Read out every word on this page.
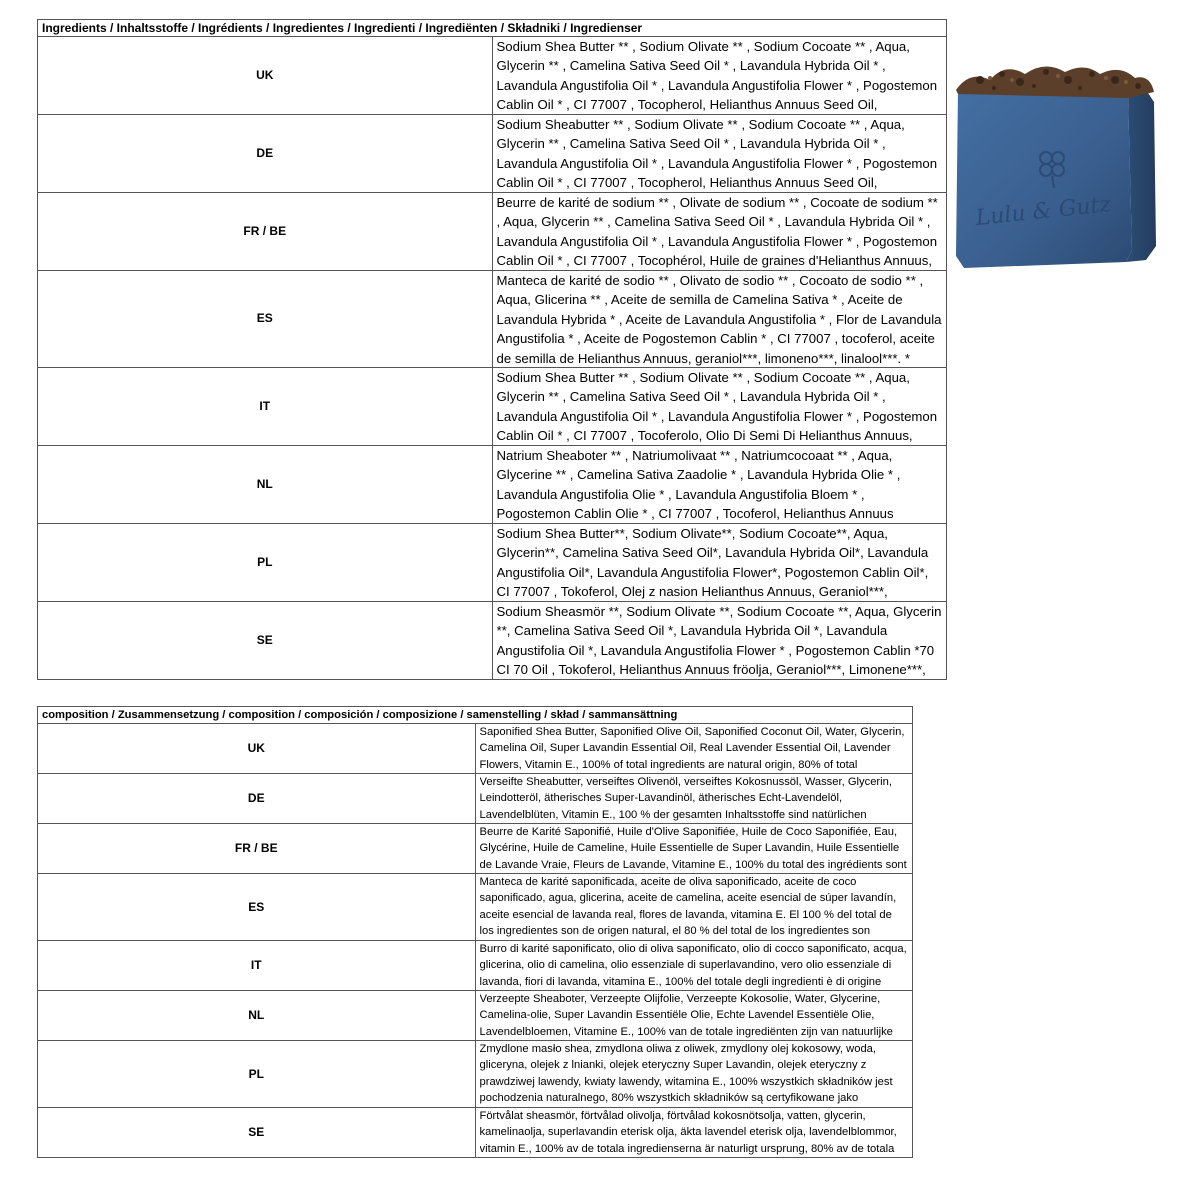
Ingredients / Inhaltsstoffe / Ingrédients / Ingredientes / Ingredienti / Ingrediënten / Składniki / Ingredienser	
UK	Sodium Shea Butter ** , Sodium Olivate ** , Sodium Cocoate ** , Aqua, Glycerin ** , Camelina Sativa Seed Oil * , Lavandula Hybrida Oil * , Lavandula Angustifolia Oil * , Lavandula Angustifolia Flower * , Pogostemon Cablin Oil * , CI 77007 , Tocopherol, Helianthus Annuus Seed Oil,

DE	Sodium Sheabutter ** , Sodium Olivate ** , Sodium Cocoate ** , Aqua, Glycerin ** , Camelina Sativa Seed Oil * , Lavandula Hybrida Oil * , Lavandula Angustifolia Oil * , Lavandula Angustifolia Flower * , Pogostemon Cablin Oil * , CI 77007 , Tocopherol, Helianthus Annuus Seed Oil,

FR / BE	Beurre de karité de sodium ** , Olivate de sodium ** , Cocoate de sodium ** , Aqua, Glycerin ** , Camelina Sativa Seed Oil * , Lavandula Hybrida Oil * , Lavandula Angustifolia Oil * , Lavandula Angustifolia Flower * , Pogostemon Cablin Oil * , CI 77007 , Tocophérol, Huile de graines d'Helianthus Annuus,

ES	Manteca de karité de sodio ** , Olivato de sodio ** , Cocoato de sodio ** , Aqua, Glicerina ** , Aceite de semilla de Camelina Sativa * , Aceite de Lavandula Hybrida * , Aceite de Lavandula Angustifolia * , Flor de Lavandula Angustifolia * , Aceite de Pogostemon Cablin * , CI 77007 , tocoferol, aceite de semilla de Helianthus Annuus, geraniol***, limoneno***, linalool***. *

IT	Sodium Shea Butter ** , Sodium Olivate ** , Sodium Cocoate ** , Aqua, Glycerin ** , Camelina Sativa Seed Oil * , Lavandula Hybrida Oil * , Lavandula Angustifolia Oil * , Lavandula Angustifolia Flower * , Pogostemon Cablin Oil * , CI 77007 , Tocoferolo, Olio Di Semi Di Helianthus Annuus,

NL	Natrium Sheaboter ** , Natriumolivaat ** , Natriumcocoaat ** , Aqua, Glycerine ** , Camelina Sativa Zaadolie * , Lavandula Hybrida Olie * , Lavandula Angustifolia Olie * , Lavandula Angustifolia Bloem * , Pogostemon Cablin Olie * , CI 77007 , Tocoferol, Helianthus Annuus

PL	Sodium Shea Butter**, Sodium Olivate**, Sodium Cocoate**, Aqua, Glycerin**, Camelina Sativa Seed Oil*, Lavandula Hybrida Oil*, Lavandula Angustifolia Oil*, Lavandula Angustifolia Flower*, Pogostemon Cablin Oil*, CI 77007 , Tokoferol, Olej z nasion Helianthus Annuus, Geraniol***,

SE	Sodium Sheasmör **, Sodium Olivate **, Sodium Cocoate **, Aqua, Glycerin **, Camelina Sativa Seed Oil *, Lavandula Hybrida Oil *, Lavandula Angustifolia Oil *, Lavandula Angustifolia Flower * , Pogostemon Cablin *70 CI 70 Oil , Tokoferol, Helianthus Annuus fröolja, Geraniol***, Limonene***,
Lulu & Gutz
composition / Zusammensetzung / composition / composición / composizione / samenstelling / skład / sammansättning	
UK	Saponified Shea Butter, Saponified Olive Oil, Saponified Coconut Oil, Water, Glycerin, Camelina Oil, Super Lavandin Essential Oil, Real Lavender Essential Oil, Lavender Flowers, Vitamin E., 100% of total ingredients are natural origin, 80% of total

DE	Verseifte Sheabutter, verseiftes Olivenöl, verseiftes Kokosnussöl, Wasser, Glycerin, Leindotteröl, ätherisches Super-Lavandinöl, ätherisches Echt-Lavendelöl, Lavendelblüten, Vitamin E., 100 % der gesamten Inhaltsstoffe sind natürlichen

FR / BE	Beurre de Karité Saponifié, Huile d'Olive Saponifiée, Huile de Coco Saponifiée, Eau, Glycérine, Huile de Cameline, Huile Essentielle de Super Lavandin, Huile Essentielle de Lavande Vraie, Fleurs de Lavande, Vitamine E., 100% du total des ingrédients sont

ES	Manteca de karité saponificada, aceite de oliva saponificado, aceite de coco saponificado, agua, glicerina, aceite de camelina, aceite esencial de súper lavandín, aceite esencial de lavanda real, flores de lavanda, vitamina E. El 100 % del total de los ingredientes son de origen natural, el 80 % del total de los ingredientes son

IT	Burro di karité saponificato, olio di oliva saponificato, olio di cocco saponificato, acqua, glicerina, olio di camelina, olio essenziale di superlavandino, vero olio essenziale di lavanda, fiori di lavanda, vitamina E., 100% del totale degli ingredienti è di origine

NL	Verzeepte Sheaboter, Verzeepte Olijfolie, Verzeepte Kokosolie, Water, Glycerine, Camelina-olie, Super Lavandin Essentiële Olie, Echte Lavendel Essentiële Olie, Lavendelbloemen, Vitamine E., 100% van de totale ingrediënten zijn van natuurlijke

PL	Zmydlone masło shea, zmydlona oliwa z oliwek, zmydlony olej kokosowy, woda, gliceryna, olejek z lnianki, olejek eteryczny Super Lavandin, olejek eteryczny z prawdziwej lawendy, kwiaty lawendy, witamina E., 100% wszystkich składników jest pochodzenia naturalnego, 80% wszystkich składników są certyfikowane jako

SE	Förtvålat sheasmör, förtvålad olivolja, förtvålad kokosnötsolja, vatten, glycerin, kamelinaolja, superlavandin eterisk olja, äkta lavendel eterisk olja, lavendelblommor, vitamin E., 100% av de totala ingredienserna är naturligt ursprung, 80% av de totala
